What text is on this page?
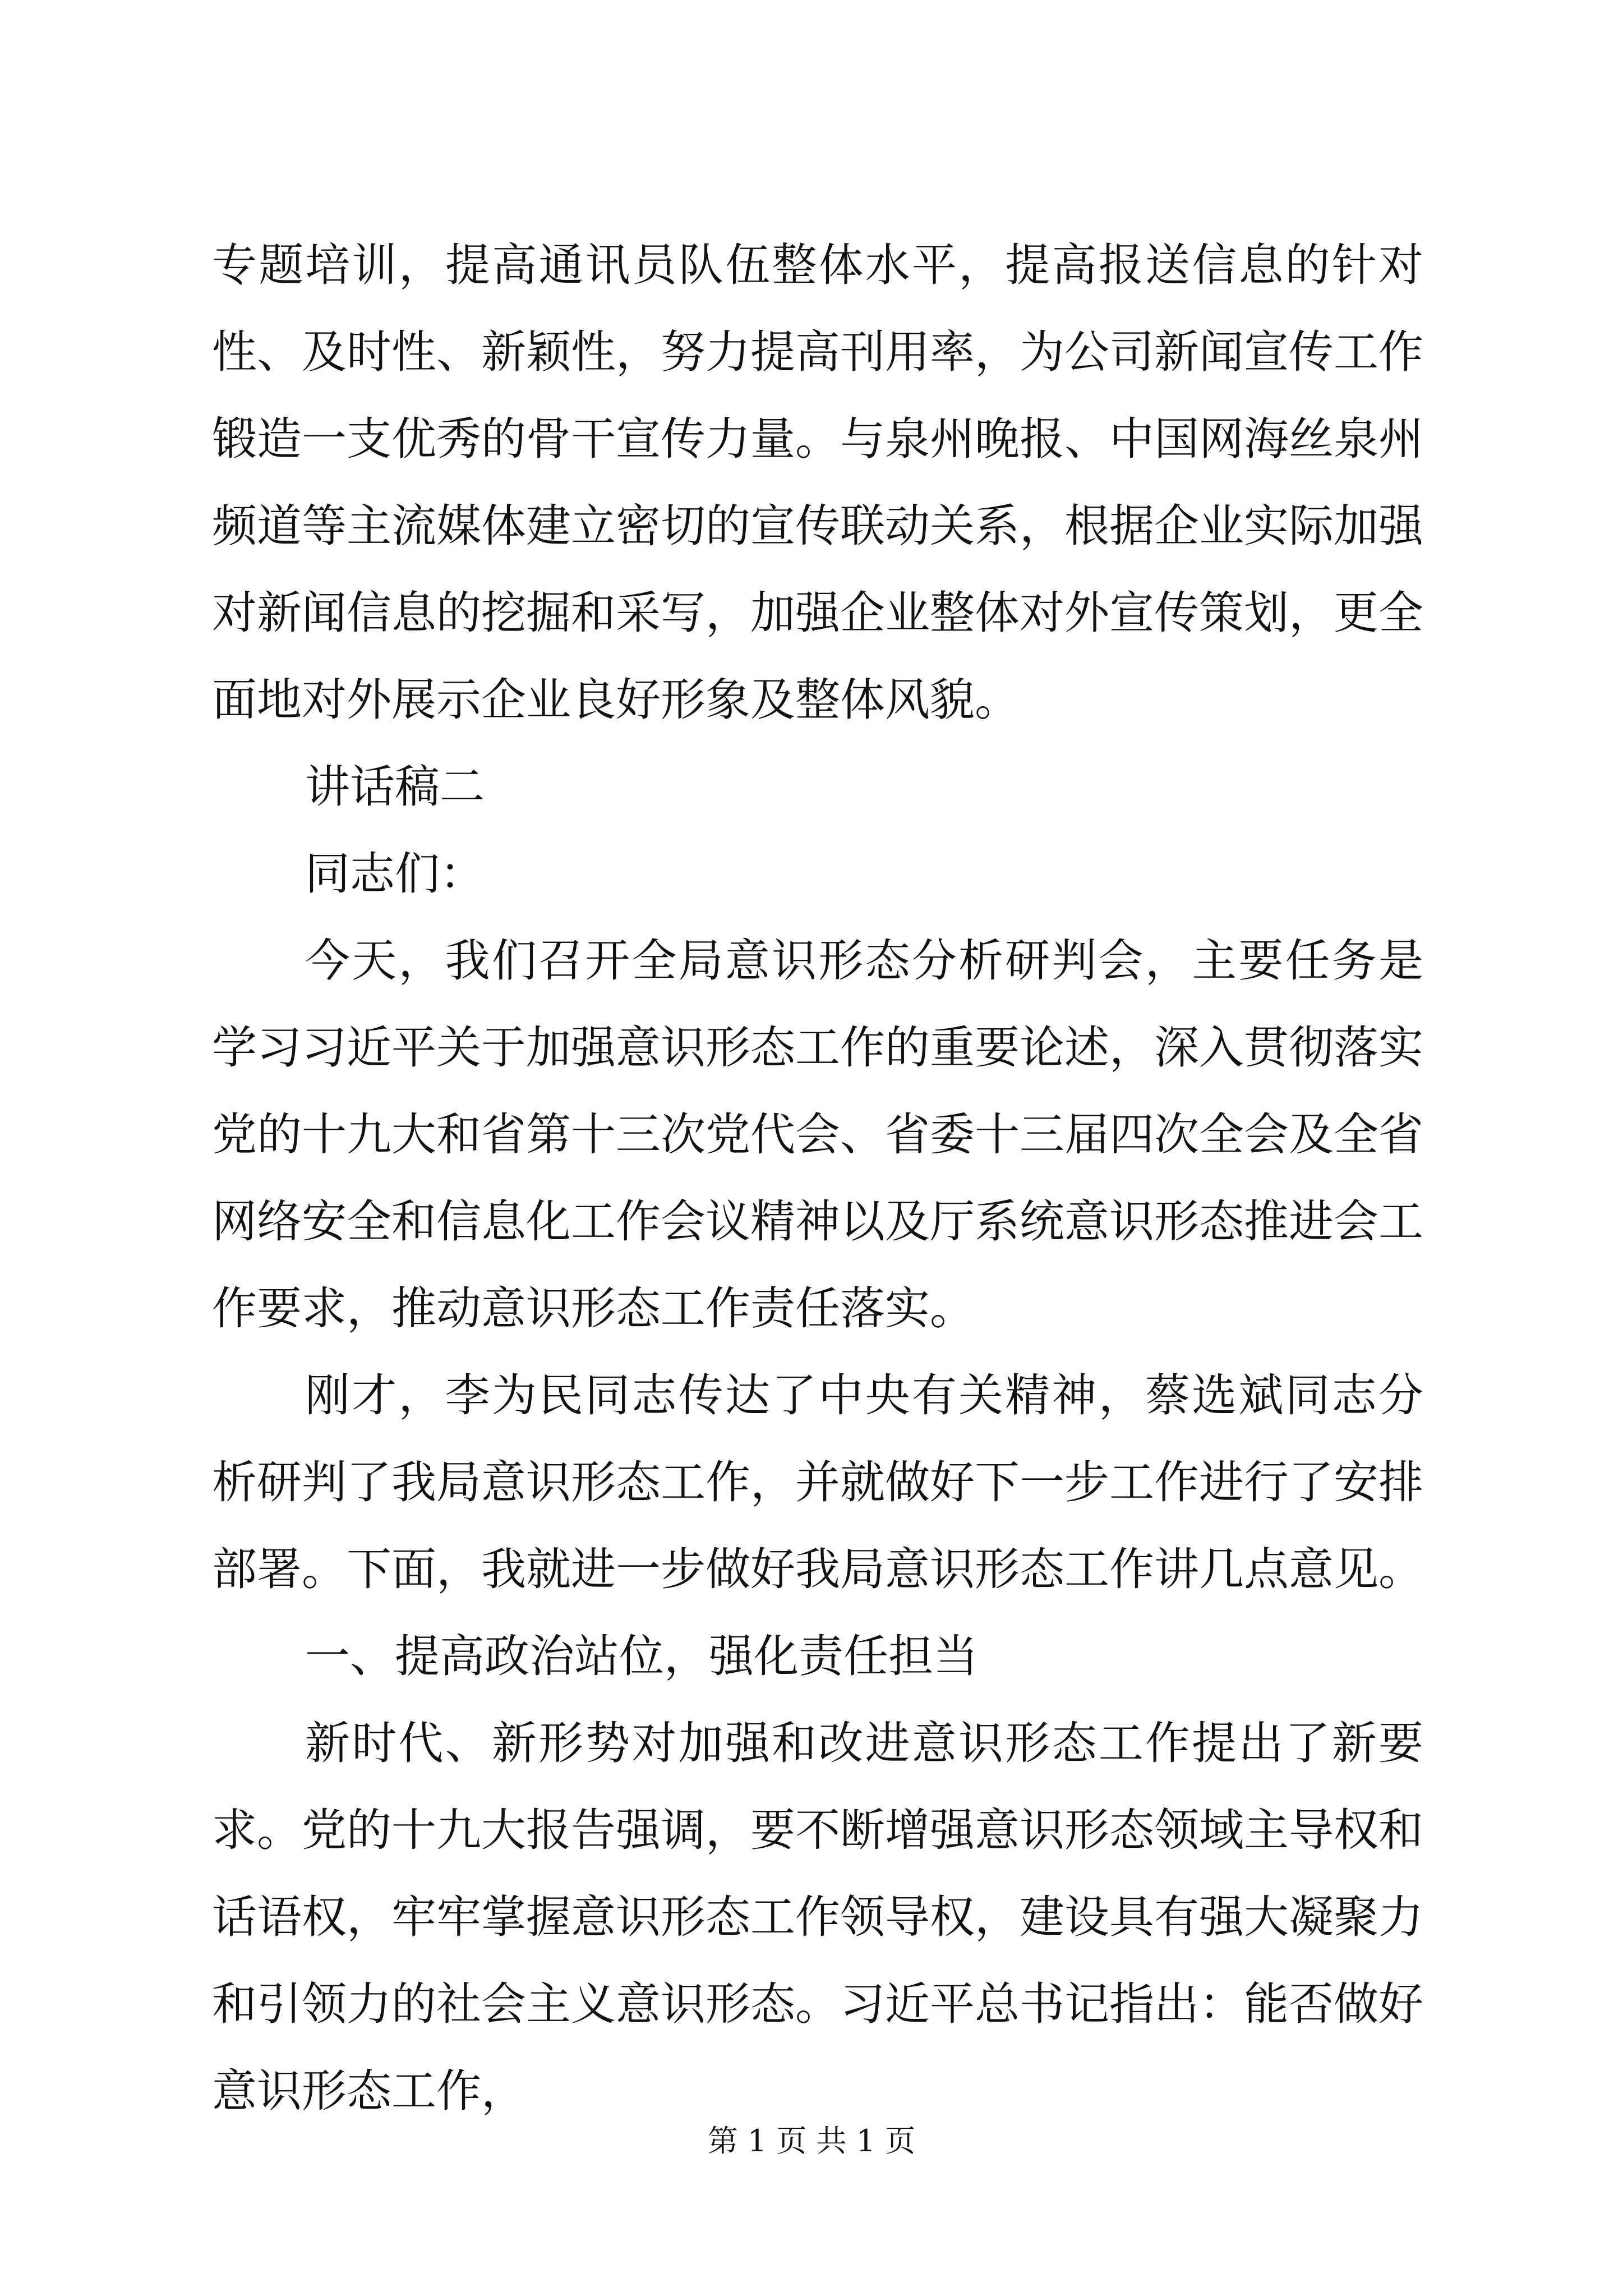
专题培训，提高通讯员队伍整体水平，提高报送信息的针对性、及时性、新颖性，努力提高刊用率，为公司新闻宣传工作锻造一支优秀的骨干宣传力量。与泉州晚报、中国网海丝泉州频道等主流媒体建立密切的宣传联动关系，根据企业实际加强对新闻信息的挖掘和采写，加强企业整体对外宣传策划，更全面地对外展示企业良好形象及整体风貌。

讲话稿二

同志们：

今天，我们召开全局意识形态分析研判会，主要任务是学习习近平关于加强意识形态工作的重要论述，深入贯彻落实党的十九大和省第十三次党代会、省委十三届四次全会及全省网络安全和信息化工作会议精神以及厅系统意识形态推进会工作要求，推动意识形态工作责任落实。

刚才，李为民同志传达了中央有关精神，蔡选斌同志分析研判了我局意识形态工作，并就做好下一步工作进行了安排部署。下面，我就进一步做好我局意识形态工作讲几点意见。

一、提高政治站位，强化责任担当

新时代、新形势对加强和改进意识形态工作提出了新要求。党的十九大报告强调，要不断增强意识形态领域主导权和话语权，牢牢掌握意识形态工作领导权，建设具有强大凝聚力和引领力的社会主义意识形态。习近平总书记指出：能否做好意识形态工作，

第 1 页 共 1 页
